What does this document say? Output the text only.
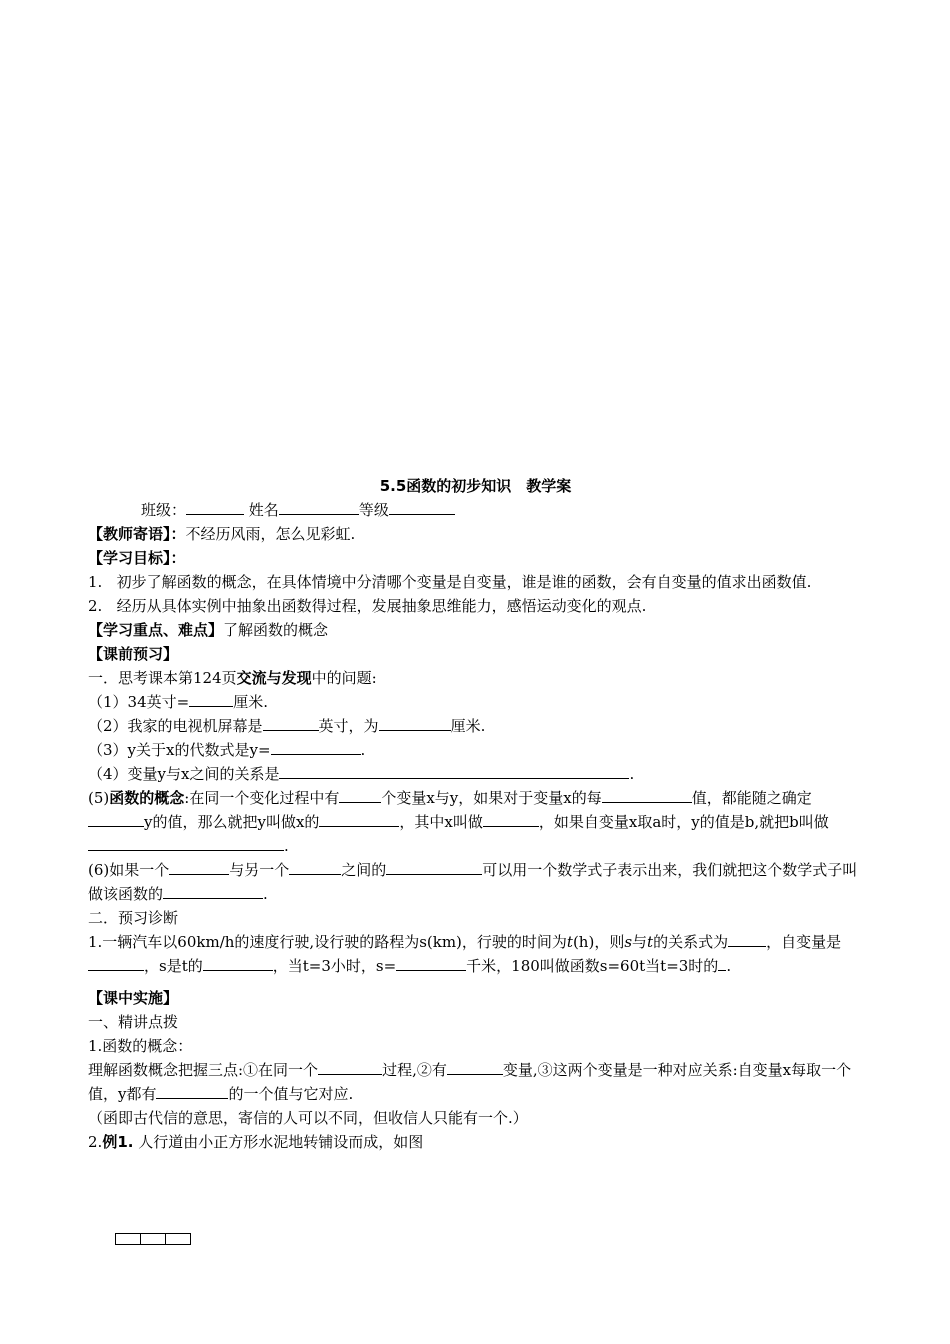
5.5函数的初步知识　教学案

班级：	姓名	等级

【教师寄语】：不经历风雨，怎么见彩虹.

【学习目标】：

1. 初步了解函数的概念，在具体情境中分清哪个变量是自变量，谁是谁的函数，会有自变量的值求出函数值.

2. 经历从具体实例中抽象出函数得过程，发展抽象思维能力，感悟运动变化的观点.

【学习重点、难点】了解函数的概念

【课前预习】

一．思考课本第124页交流与发现中的问题:

（1）34英寸=	厘米.

（2）我家的电视机屏幕是	英寸，为	厘米.

（3）y关于x的代数式是y=	.

（4）变量y与x之间的关系是	.

(5)函数的概念:在同一个变化过程中有	个变量x与y，如果对于变量x的每	值，都能随之确定y的值，那么就把y叫做x的	，其中x叫做	，如果自变量x取a时，y的值是b,就把b叫做.

(6)如果一个	与另一个	之间的	可以用一个数学式子表示出来，我们就把这个数学式子叫做该函数的	.

二．预习诊断

1.一辆汽车以60km/h的速度行驶,设行驶的路程为s(km)，行驶的时间为t(h)，则s与t的关系式为	，自变量是，s是t的	，当t=3小时，s=	千米，180叫做函数s=60t当t=3时的 .

【课中实施】

一、精讲点拨

1.函数的概念：

理解函数概念把握三点:①在同一个	过程,②有	变量,③这两个变量是一种对应关系:自变量x每取一个值，y都有	的一个值与它对应.

（函即古代信的意思，寄信的人可以不同，但收信人只能有一个.）

2.例1. 人行道由小正方形水泥地转铺设而成，如图
